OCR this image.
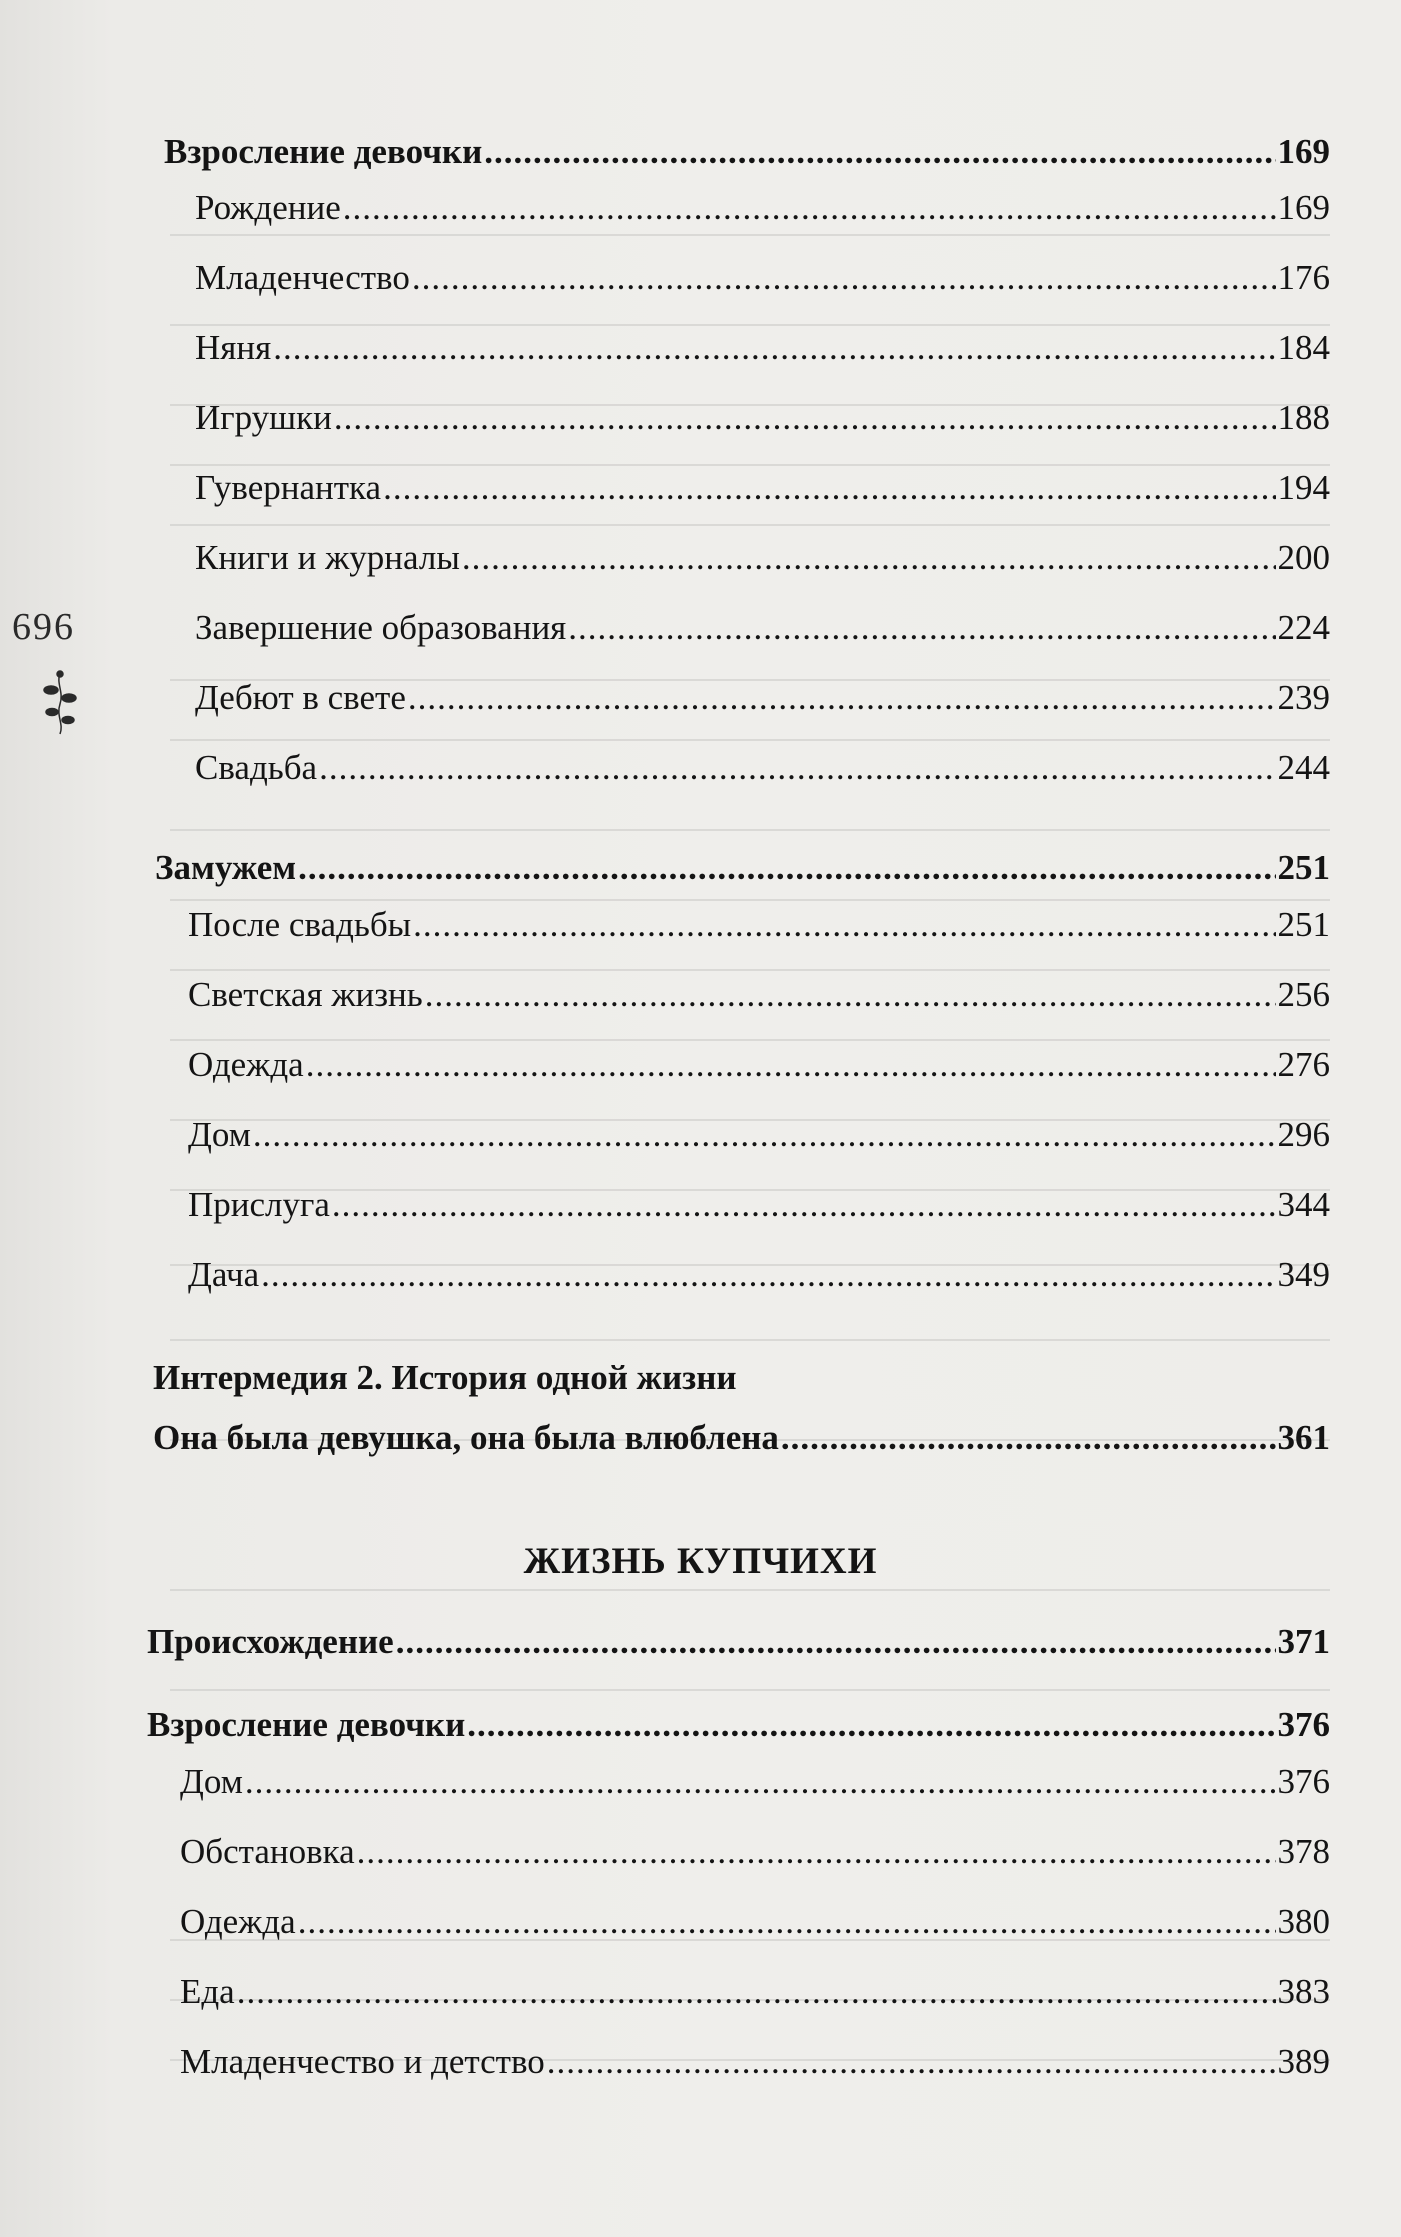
696
Взросление девочки .....	169
Рождение .....	169
Младенчество .....	176
Няня .....	184
Игрушки .....	188
Гувернантка .....	194
Книги и журналы .....	200
Завершение образования .....	224
Дебют в свете .....	239
Свадьба .....	244
Замужем .....	251
После свадьбы .....	251
Светская жизнь .....	256
Одежда .....	276
Дом .....	296
Прислуга .....	344
Дача .....	349
Интермедия 2. История одной жизни
Она была девушка, она была влюблена .....	361
ЖИЗНЬ КУПЧИХИ
Происхождение .....	371
Взросление девочки .....	376
Дом .....	376
Обстановка .....	378
Одежда .....	380
Еда .....	383
Младенчество и детство .....	389
